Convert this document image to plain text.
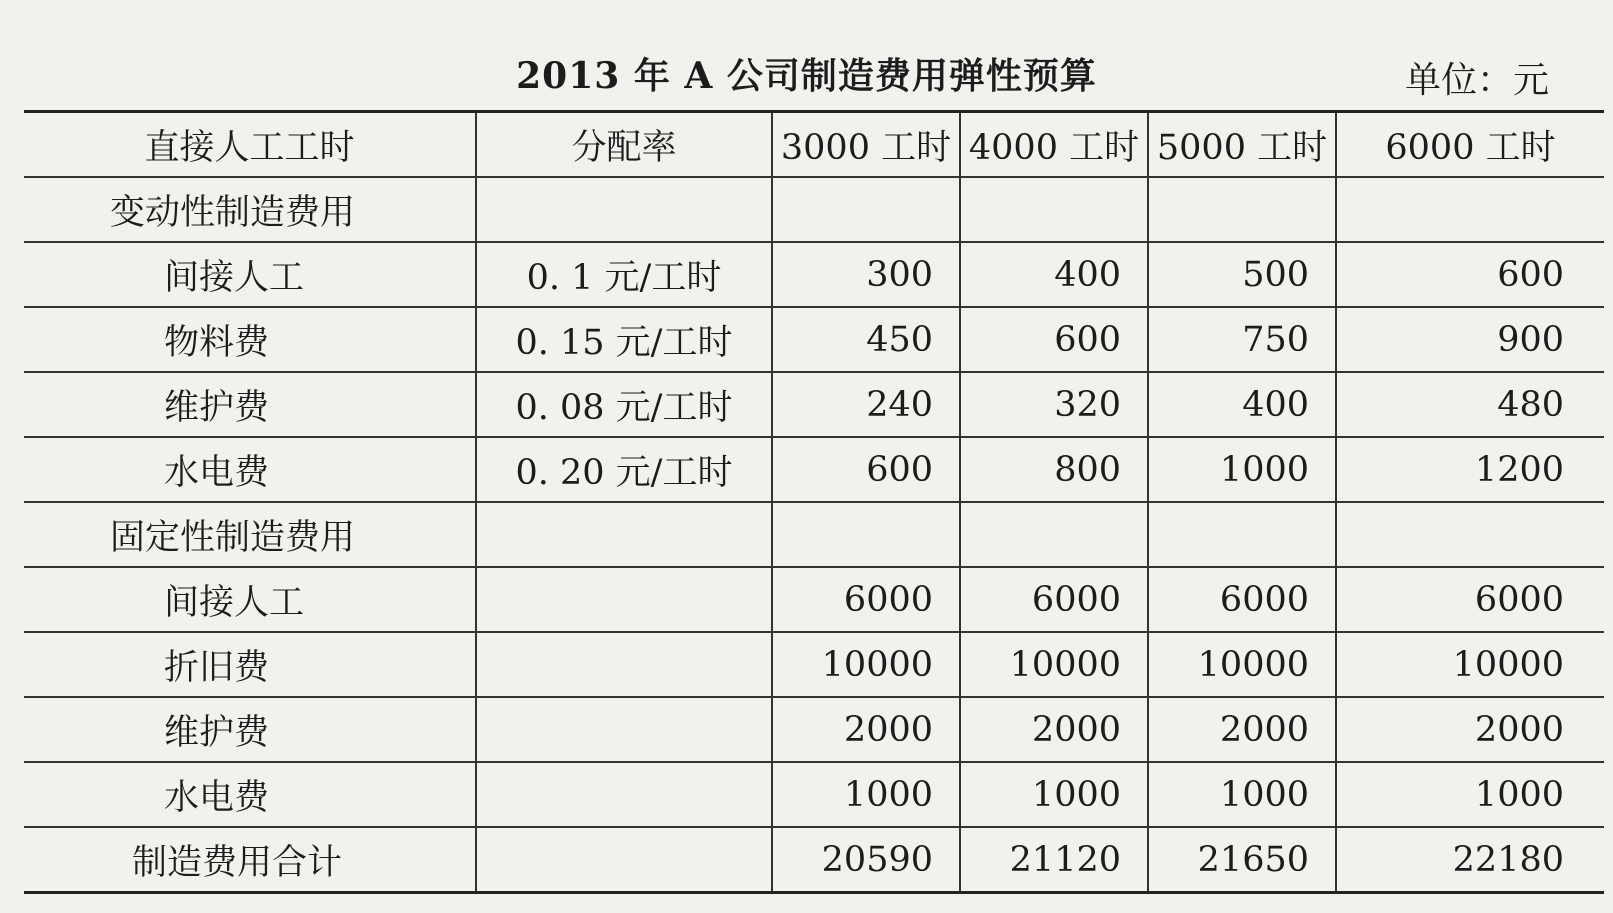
2013 年 A 公司制造费用弹性预算	单位：元
直接人工工时	分配率	3000 工时	4000 工时	5000 工时	6000 工时
变动性制造费用					
间接人工	0. 1 元/工时	300	400	500	600
物料费	0. 15 元/工时	450	600	750	900
维护费	0. 08 元/工时	240	320	400	480
水电费	0. 20 元/工时	600	800	1000	1200
固定性制造费用					
间接人工		6000	6000	6000	6000
折旧费		10000	10000	10000	10000
维护费		2000	2000	2000	2000
水电费		1000	1000	1000	1000
制造费用合计		20590	21120	21650	22180
